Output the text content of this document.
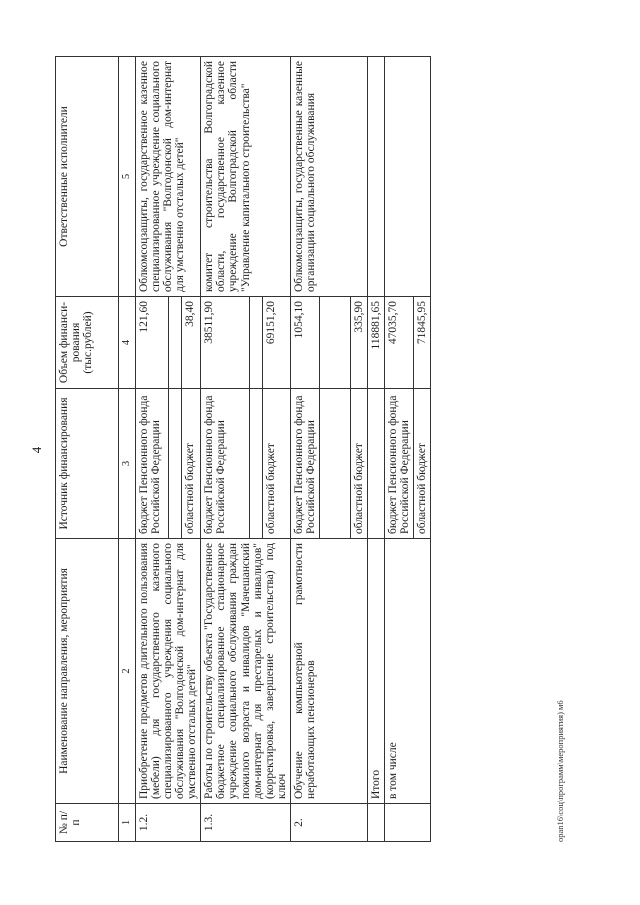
4
№ п/п	Наименование направления, мероприятия	Источник финансирования	Объем финанси-рования (тыс.рублей)	Ответственные исполнители
1	2	3	4	5
1.2.	Приобретение предметов длительного пользования (мебели) для государственного казенного специализированного учреждения социального обслуживания "Волгодонской дом-интернат для умственно отсталых детей"	бюджет Пенсионного фонда Российской Федерации	121,60	Облкомсоцзащиты, государственное казенное специализированное учреждение социального обслуживания "Волгодонской дом-интернат для умственно отсталых детей"

		областной бюджет	38,40	
1.3.	Работы по строительству объекта "Государственное бюджетное специализированное стационарное учреждение социального обслуживания граждан пожилого возраста и инвалидов "Мачешанский дом-интернат для престарелых и инвалидов" (корректировка, завершение строительства) под ключ	бюджет Пенсионного фонда Российской Федерации	38511,90	комитет строительства Волгоградской области, государственное казенное учреждение Волгоградской области "Управление капитального строительства"

		областной бюджет	69151,20	
2.	Обучение компьютерной грамотности неработающих пенсионеров	бюджет Пенсионного фонда Российской Федерации	1054,10	Облкомсоцзащиты, государственные казенные организации социального обслуживания

		областной бюджет	335,90	
	Итого		118881,65	
	в том числе	бюджет Пенсионного фонда Российской Федерации	47035,70	
		областной бюджет	71845,95	
ораn16\соц\программ\мероприятия) м6
